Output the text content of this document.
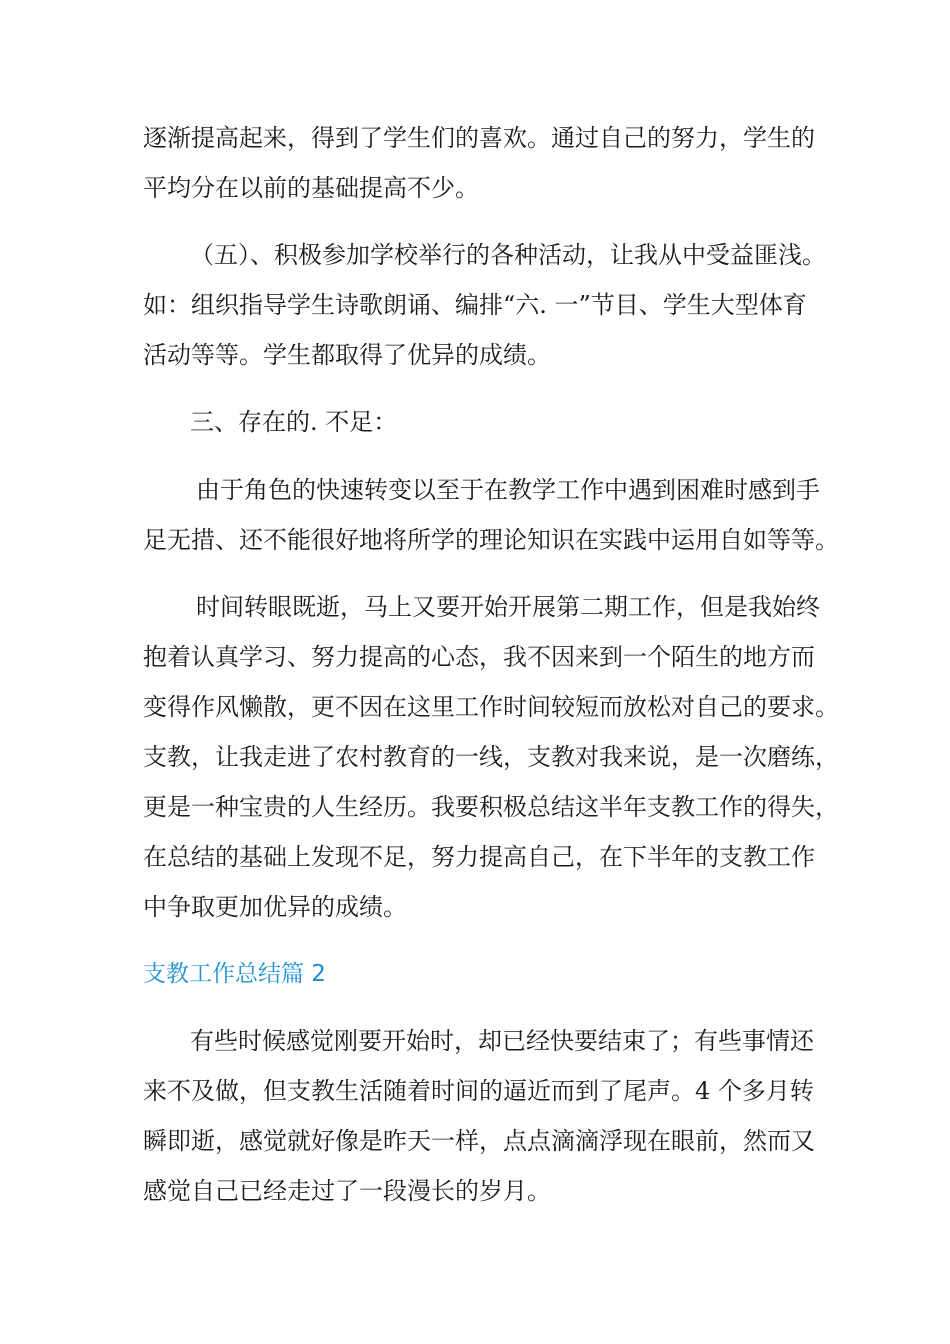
逐渐提高起来，得到了学生们的喜欢。通过自己的努力，学生的
平均分在以前的基础提高不少。
（五）、积极参加学校举行的各种活动，让我从中受益匪浅。
如：组织指导学生诗歌朗诵、编排“六. 一”节目、学生大型体育
活动等等。学生都取得了优异的成绩。
三、存在的. 不足：
由于角色的快速转变以至于在教学工作中遇到困难时感到手
足无措、还不能很好地将所学的理论知识在实践中运用自如等等。
时间转眼既逝，马上又要开始开展第二期工作，但是我始终
抱着认真学习、努力提高的心态，我不因来到一个陌生的地方而
变得作风懒散，更不因在这里工作时间较短而放松对自己的要求。
支教，让我走进了农村教育的一线，支教对我来说，是一次磨练，
更是一种宝贵的人生经历。我要积极总结这半年支教工作的得失，
在总结的基础上发现不足，努力提高自己，在下半年的支教工作
中争取更加优异的成绩。
支教工作总结篇 2
有些时候感觉刚要开始时，却已经快要结束了；有些事情还
来不及做，但支教生活随着时间的逼近而到了尾声。4 个多月转
瞬即逝，感觉就好像是昨天一样，点点滴滴浮现在眼前，然而又
感觉自己已经走过了一段漫长的岁月。
